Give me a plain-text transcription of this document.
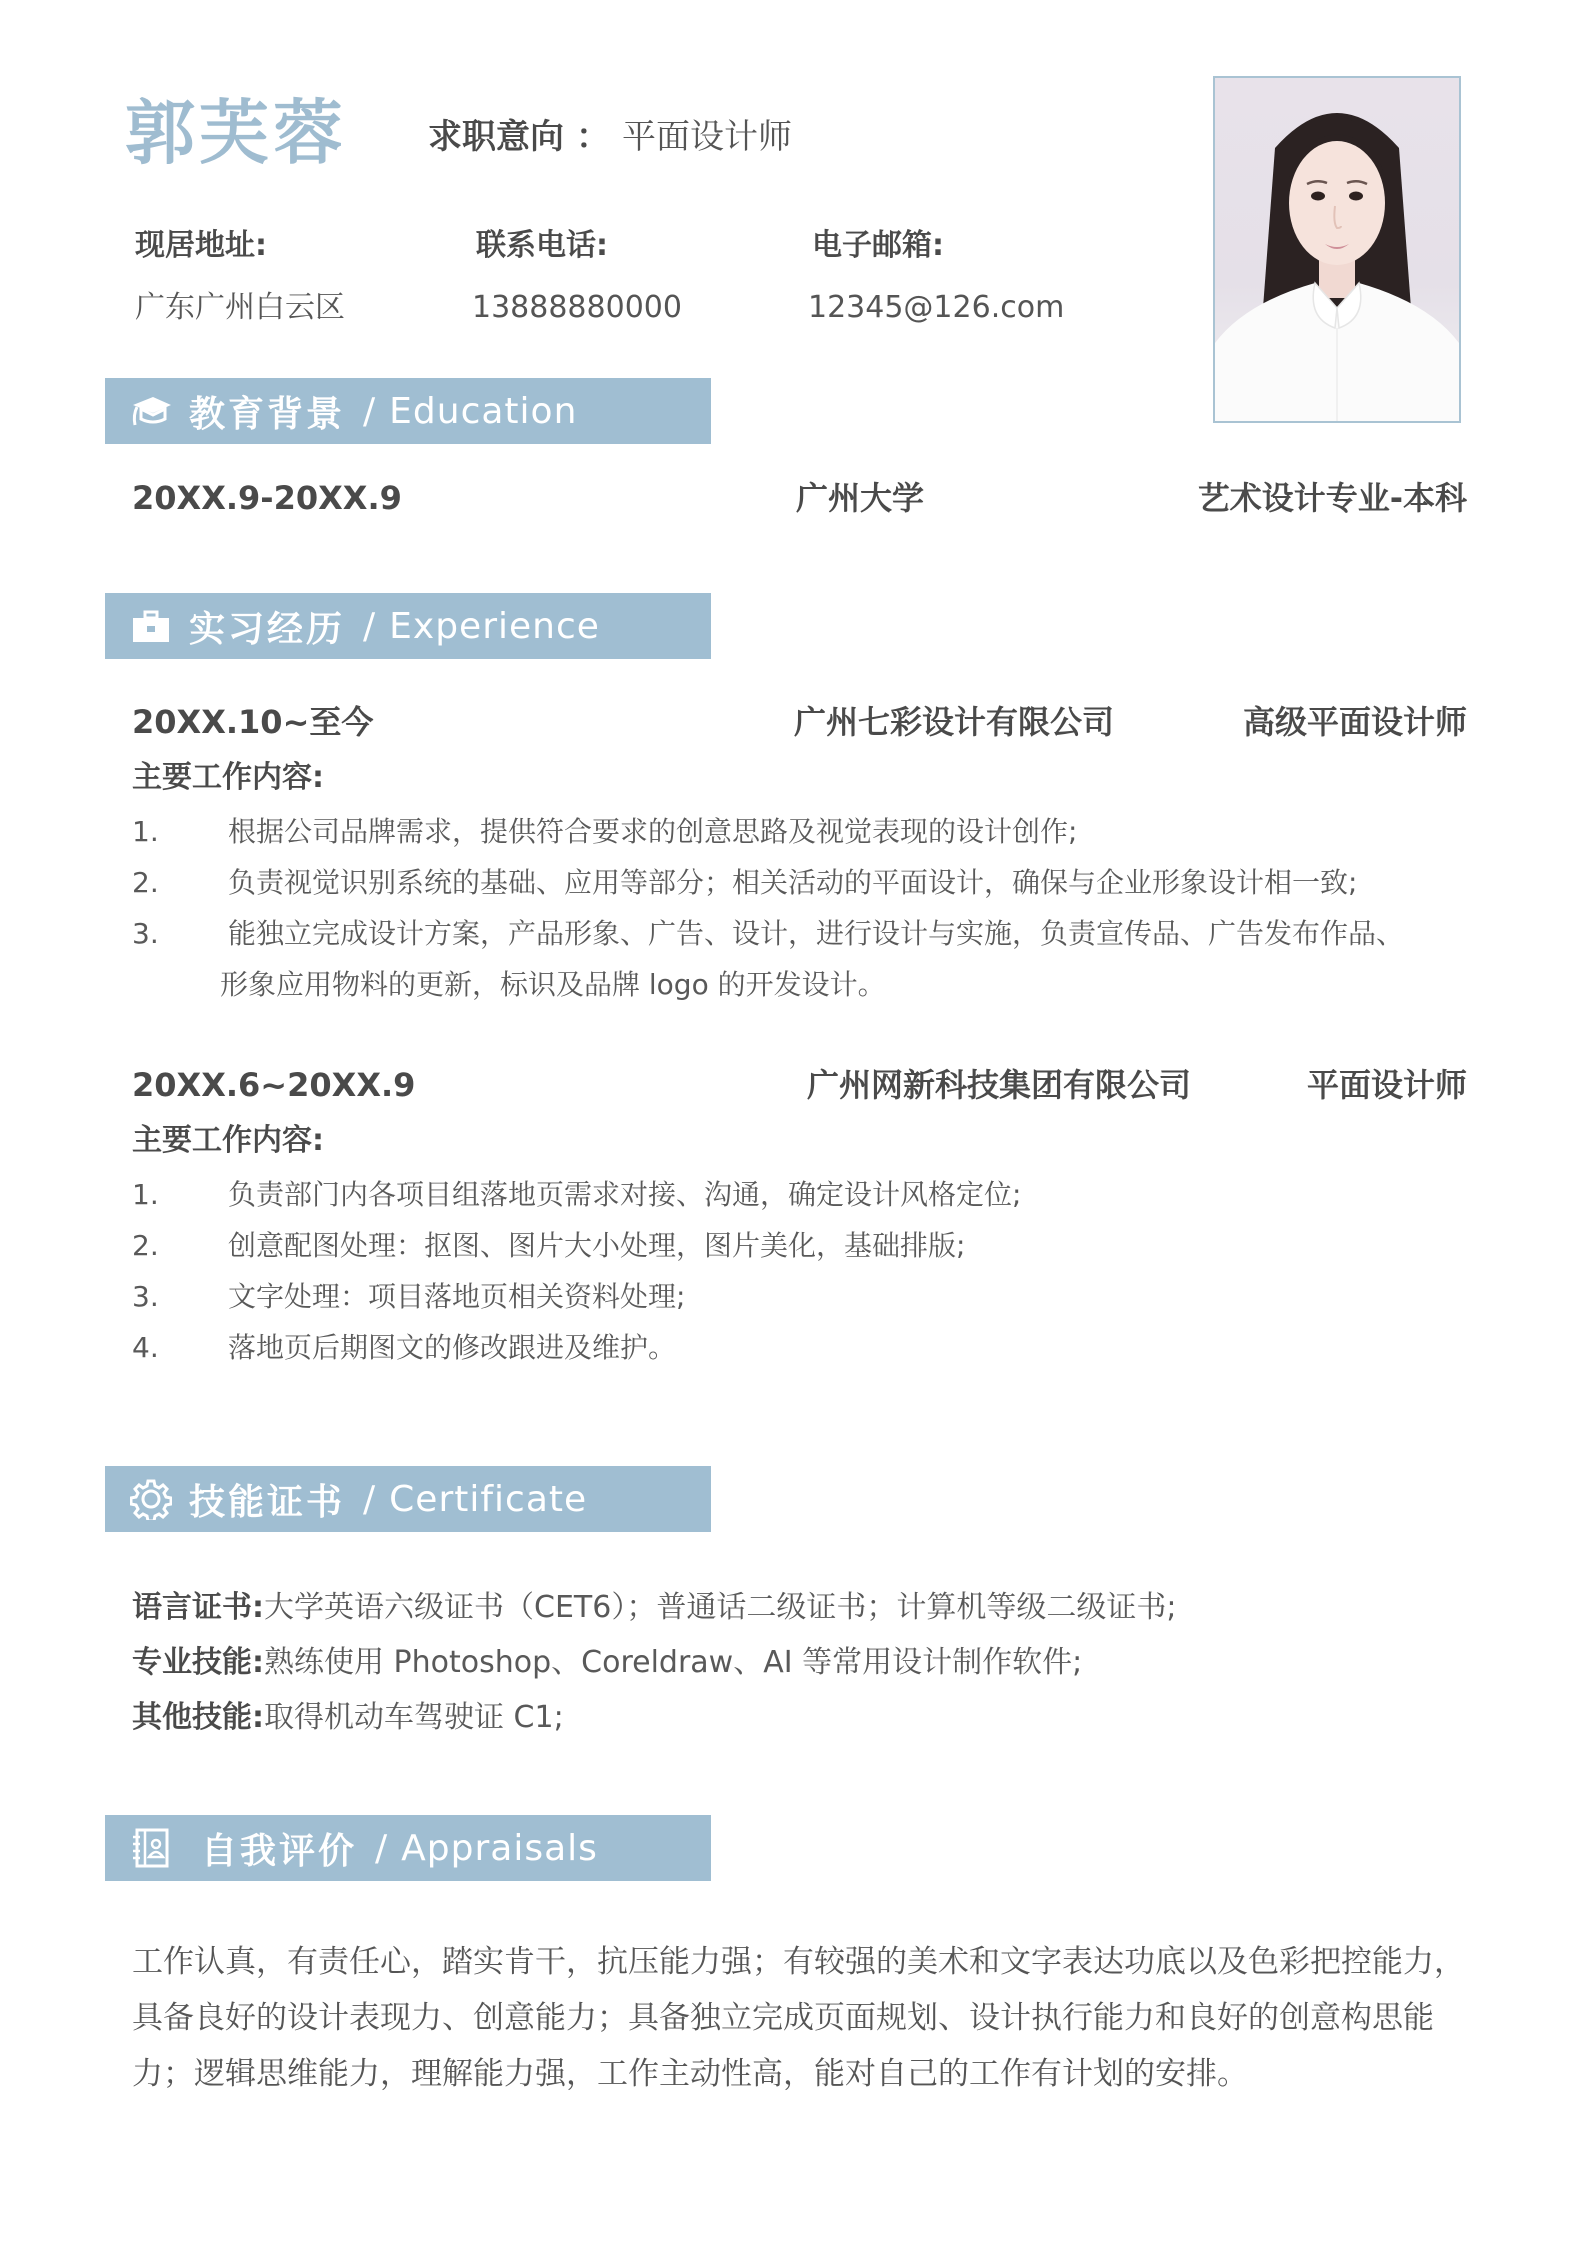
郭芙蓉 求职意向 ： 平面设计师
现居地址:
广东广州白云区
联系电话:
13888880000
电子邮箱:
12345@126.com
教育背景 / Education
20XX.9-20XX.9	广州大学	艺术设计专业-本科
实习经历 / Experience
20XX.10~至今	广州七彩设计有限公司	高级平面设计师
主要工作内容:
1.	根据公司品牌需求，提供符合要求的创意思路及视觉表现的设计创作;
2.	负责视觉识别系统的基础、应用等部分；相关活动的平面设计，确保与企业形象设计相一致;
3.	能独立完成设计方案，产品形象、广告、设计，进行设计与实施，负责宣传品、广告发布作品、
形象应用物料的更新，标识及品牌 logo 的开发设计。
20XX.6~20XX.9	广州网新科技集团有限公司	平面设计师
主要工作内容:
1.	负责部门内各项目组落地页需求对接、沟通，确定设计风格定位;
2.	创意配图处理：抠图、图片大小处理，图片美化，基础排版;
3.	文字处理：项目落地页相关资料处理;
4.	落地页后期图文的修改跟进及维护。
技能证书 / Certificate
语言证书:大学英语六级证书（CET6）；普通话二级证书；计算机等级二级证书;
专业技能:熟练使用 Photoshop、Coreldraw、AI 等常用设计制作软件;
其他技能:取得机动车驾驶证 C1;
自我评价 / Appraisals
工作认真，有责任心，踏实肯干，抗压能力强；有较强的美术和文字表达功底以及色彩把控能力，具备良好的设计表现力、创意能力；具备独立完成页面规划、设计执行能力和良好的创意构思能力；逻辑思维能力，理解能力强，工作主动性高，能对自己的工作有计划的安排。
